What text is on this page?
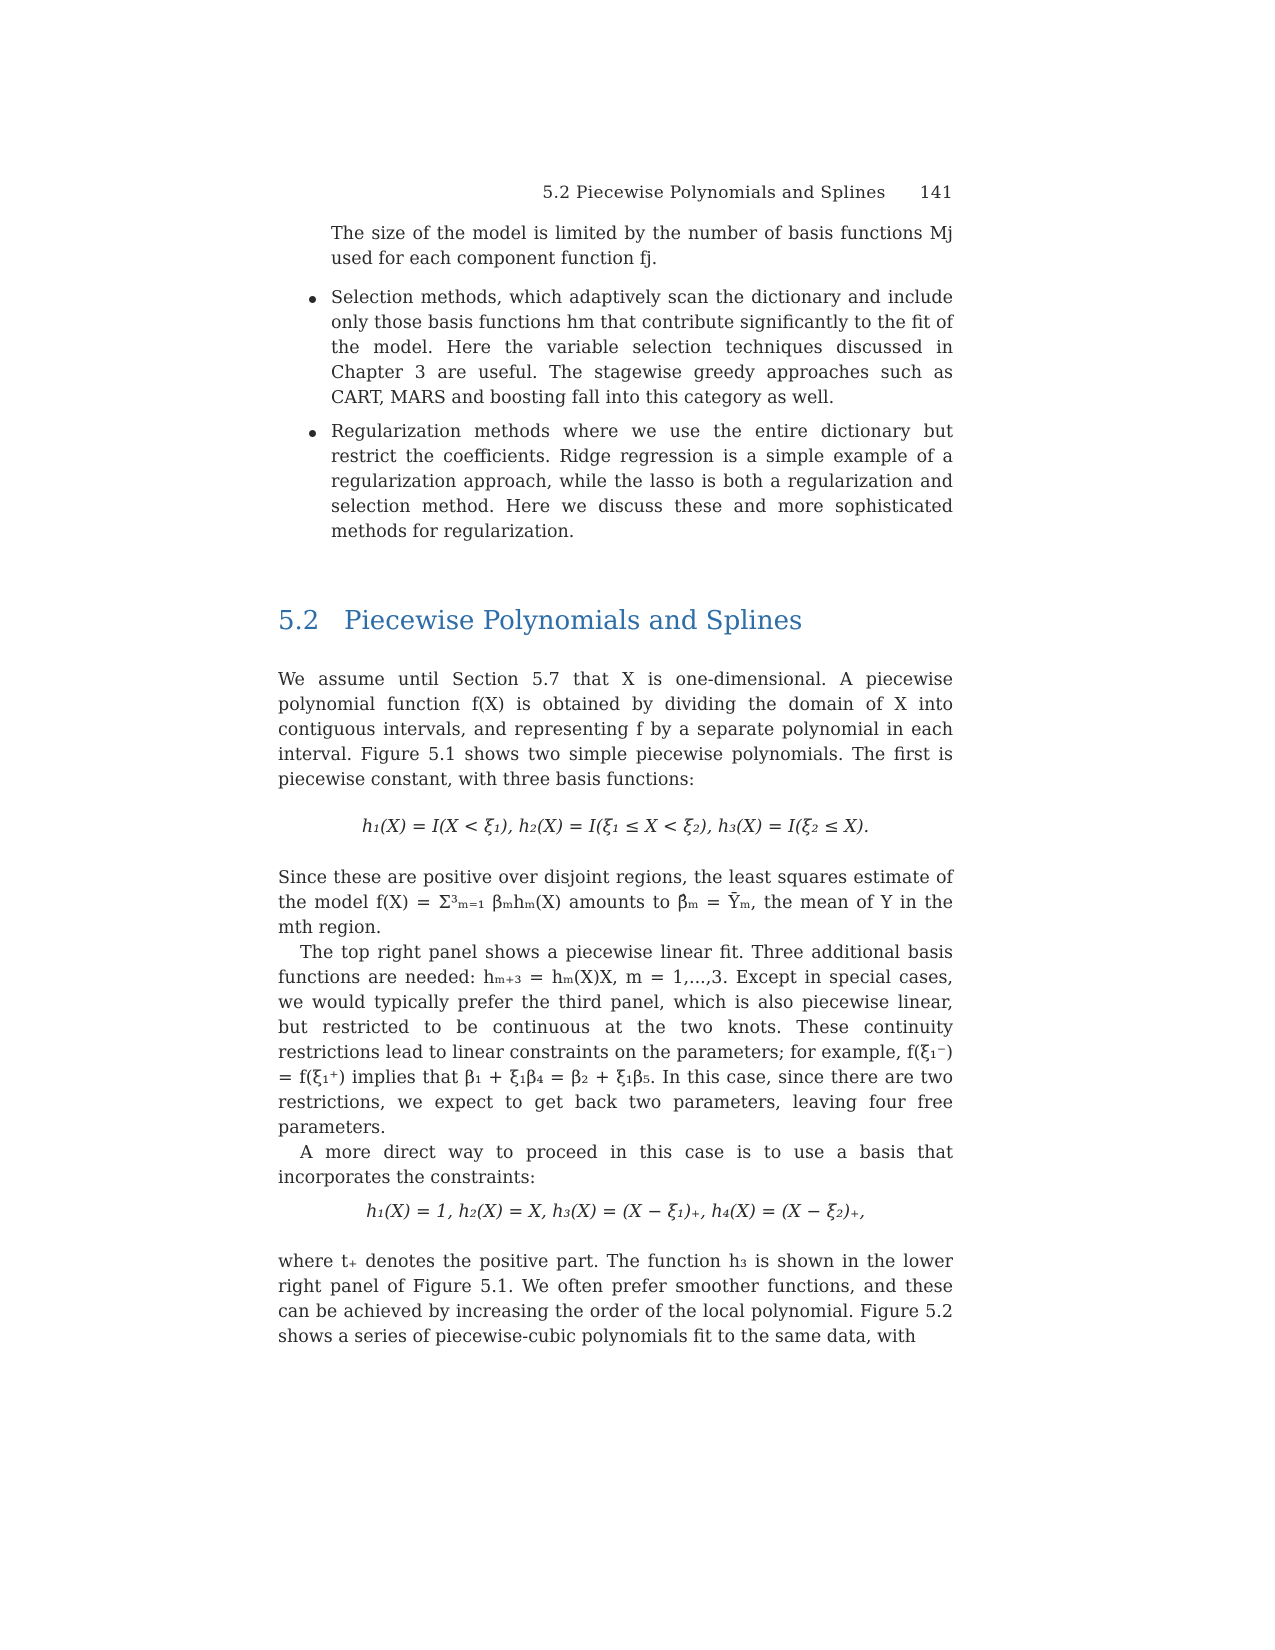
5.2 Piecewise Polynomials and Splines 141

The size of the model is limited by the number of basis functions Mj used for each component function fj.

Selection methods, which adaptively scan the dictionary and include only those basis functions hm that contribute significantly to the fit of the model. Here the variable selection techniques discussed in Chapter 3 are useful. The stagewise greedy approaches such as CART, MARS and boosting fall into this category as well.

Regularization methods where we use the entire dictionary but restrict the coefficients. Ridge regression is a simple example of a regularization approach, while the lasso is both a regularization and selection method. Here we discuss these and more sophisticated methods for regularization.

5.2 Piecewise Polynomials and Splines

We assume until Section 5.7 that X is one-dimensional. A piecewise polynomial function f(X) is obtained by dividing the domain of X into contiguous intervals, and representing f by a separate polynomial in each interval. Figure 5.1 shows two simple piecewise polynomials. The first is piecewise constant, with three basis functions:

h₁(X) = I(X < ξ₁), h₂(X) = I(ξ₁ ≤ X < ξ₂), h₃(X) = I(ξ₂ ≤ X).

Since these are positive over disjoint regions, the least squares estimate of the model f(X) = Σ³ₘ₌₁ βₘhₘ(X) amounts to β̂ₘ = Ȳₘ, the mean of Y in the mth region.

The top right panel shows a piecewise linear fit. Three additional basis functions are needed: hₘ₊₃ = hₘ(X)X, m = 1,...,3. Except in special cases, we would typically prefer the third panel, which is also piecewise linear, but restricted to be continuous at the two knots. These continuity restrictions lead to linear constraints on the parameters; for example, f(ξ₁⁻) = f(ξ₁⁺) implies that β₁ + ξ₁β₄ = β₂ + ξ₁β₅. In this case, since there are two restrictions, we expect to get back two parameters, leaving four free parameters.

A more direct way to proceed in this case is to use a basis that incorporates the constraints:

h₁(X) = 1, h₂(X) = X, h₃(X) = (X − ξ₁)₊, h₄(X) = (X − ξ₂)₊,

where t₊ denotes the positive part. The function h₃ is shown in the lower right panel of Figure 5.1. We often prefer smoother functions, and these can be achieved by increasing the order of the local polynomial. Figure 5.2 shows a series of piecewise-cubic polynomials fit to the same data, with
